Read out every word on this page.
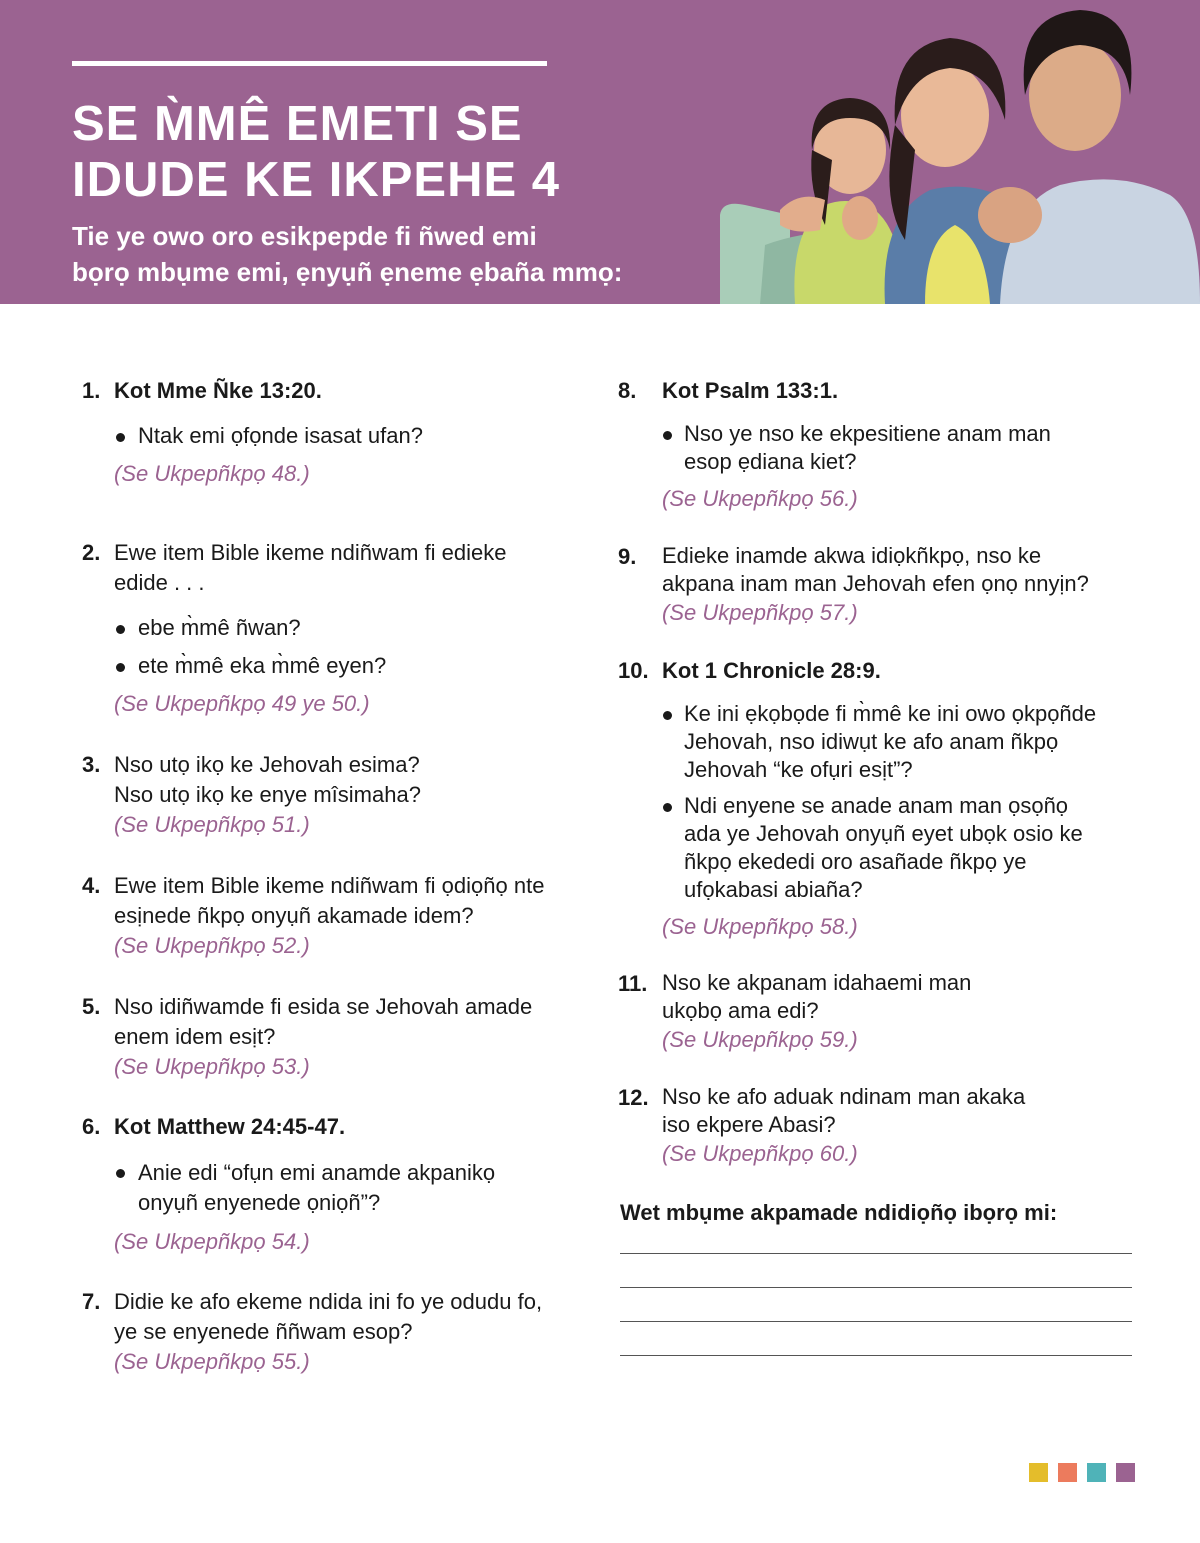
SE M̀MÊ EMETI SE
IDUDE KE IKPEHE 4

Tie ye owo oro esikpepde fi ñwed emi
bọrọ mbụme emi, ẹnyụñ ẹneme ẹbaña mmọ:

1. Kot Mme Ñke 13:20.
Ntak emi ọfọnde isasat ufan?
(Se Ukpepñkpọ 48.)
2. Ewe item Bible ikeme ndiñwam fi edieke
edide . . .
ebe m̀mê ñwan?
ete m̀mê eka m̀mê eyen?
(Se Ukpepñkpọ 49 ye 50.)
3. Nso utọ ikọ ke Jehovah esima?
Nso utọ ikọ ke enye mîsimaha?
(Se Ukpepñkpọ 51.)
4. Ewe item Bible ikeme ndiñwam fi ọdiọñọ nte
esịnede ñkpọ onyụñ akamade idem?
(Se Ukpepñkpọ 52.)
5. Nso idiñwamde fi esida se Jehovah amade
enem idem esịt?
(Se Ukpepñkpọ 53.)
6. Kot Matthew 24:45-47.
Anie edi “ofụn emi anamde akpanikọ onyụñ enyenede ọniọñ”?
(Se Ukpepñkpọ 54.)
7. Didie ke afo ekeme ndida ini fo ye odudu fo,
ye se enyenede ññwam esop?
(Se Ukpepñkpọ 55.)
8. Kot Psalm 133:1.
Nso ye nso ke ekpesitiene anam man esop ẹdiana kiet?
(Se Ukpepñkpọ 56.)
9. Edieke inamde akwa idiọkñkpọ, nso ke
akpana inam man Jehovah efen ọnọ nnyịn?
(Se Ukpepñkpọ 57.)
10. Kot 1 Chronicle 28:9.
Ke ini ẹkọbọde fi m̀mê ke ini owo ọkpọñde Jehovah, nso idiwụt ke afo anam ñkpọ Jehovah “ke ofụri esịt”?
Ndi enyene se anade anam man ọsọñọ ada ye Jehovah onyụñ eyet ubọk osio ke ñkpọ ekededi oro asañade ñkpọ ye ufọkabasi abiaña?
(Se Ukpepñkpọ 58.)
11. Nso ke akpanam idahaemi man
ukọbọ ama edi?
(Se Ukpepñkpọ 59.)
12. Nso ke afo aduak ndinam man akaka
iso ekpere Abasi?
(Se Ukpepñkpọ 60.)

Wet mbụme akpamade ndidiọñọ ibọrọ mi:
